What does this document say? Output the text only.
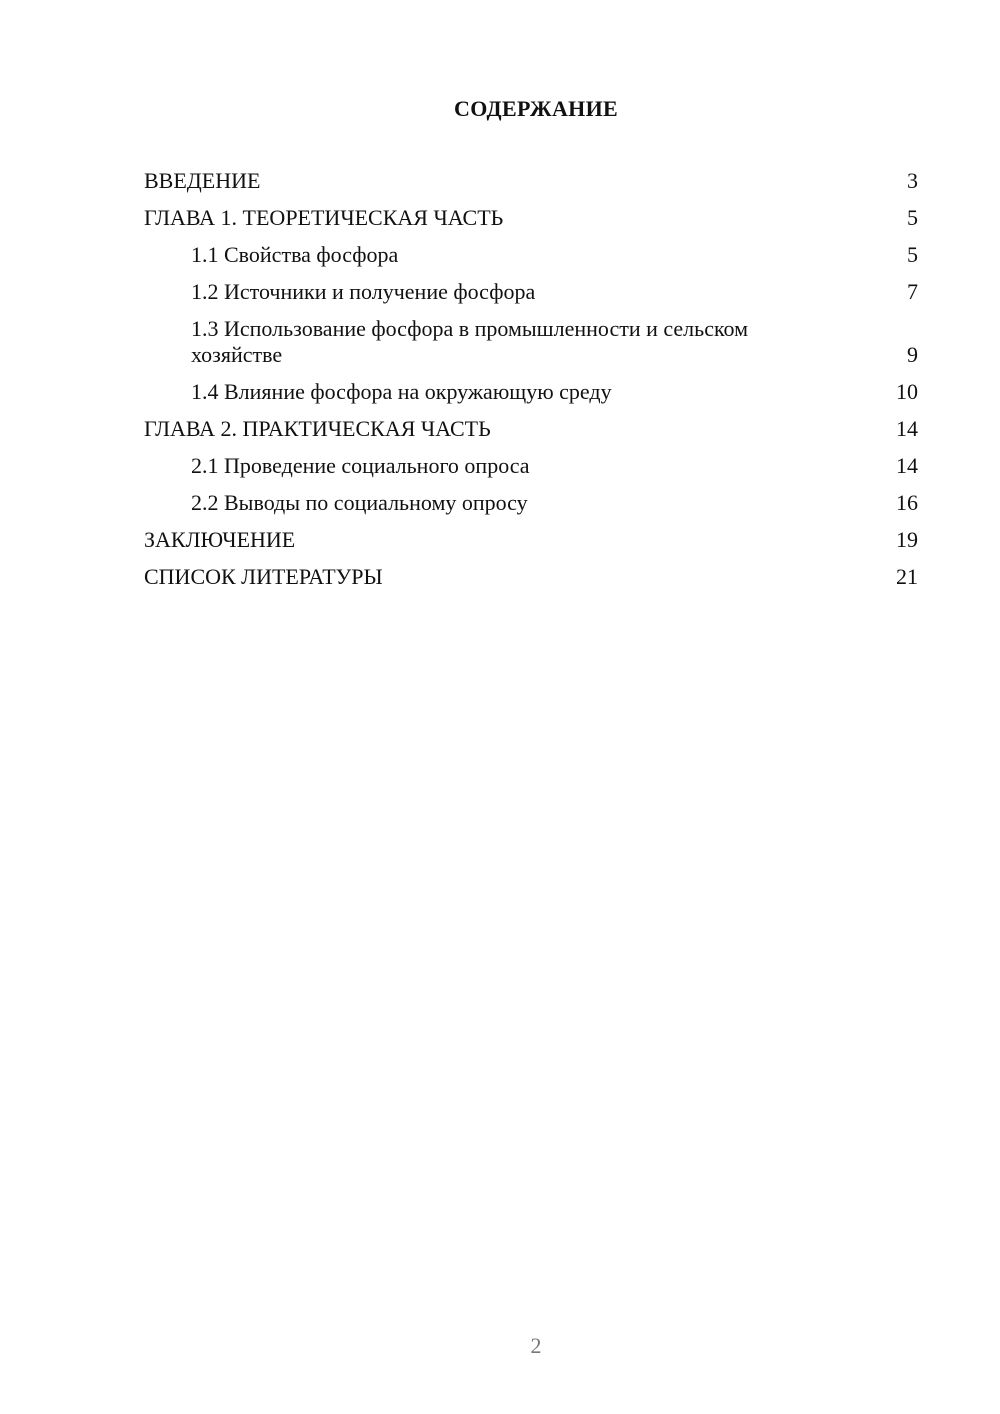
СОДЕРЖАНИЕ
ВВЕДЕНИЕ	3
ГЛАВА 1. ТЕОРЕТИЧЕСКАЯ ЧАСТЬ	5
1.1 Свойства фосфора	5
1.2 Источники и получение фосфора	7
1.3 Использование фосфора в промышленности и сельском хозяйстве	9
1.4 Влияние фосфора на окружающую среду	10
ГЛАВА 2. ПРАКТИЧЕСКАЯ ЧАСТЬ	14
2.1 Проведение социального опроса	14
2.2 Выводы по социальному опросу	16
ЗАКЛЮЧЕНИЕ	19
СПИСОК ЛИТЕРАТУРЫ	21
2
